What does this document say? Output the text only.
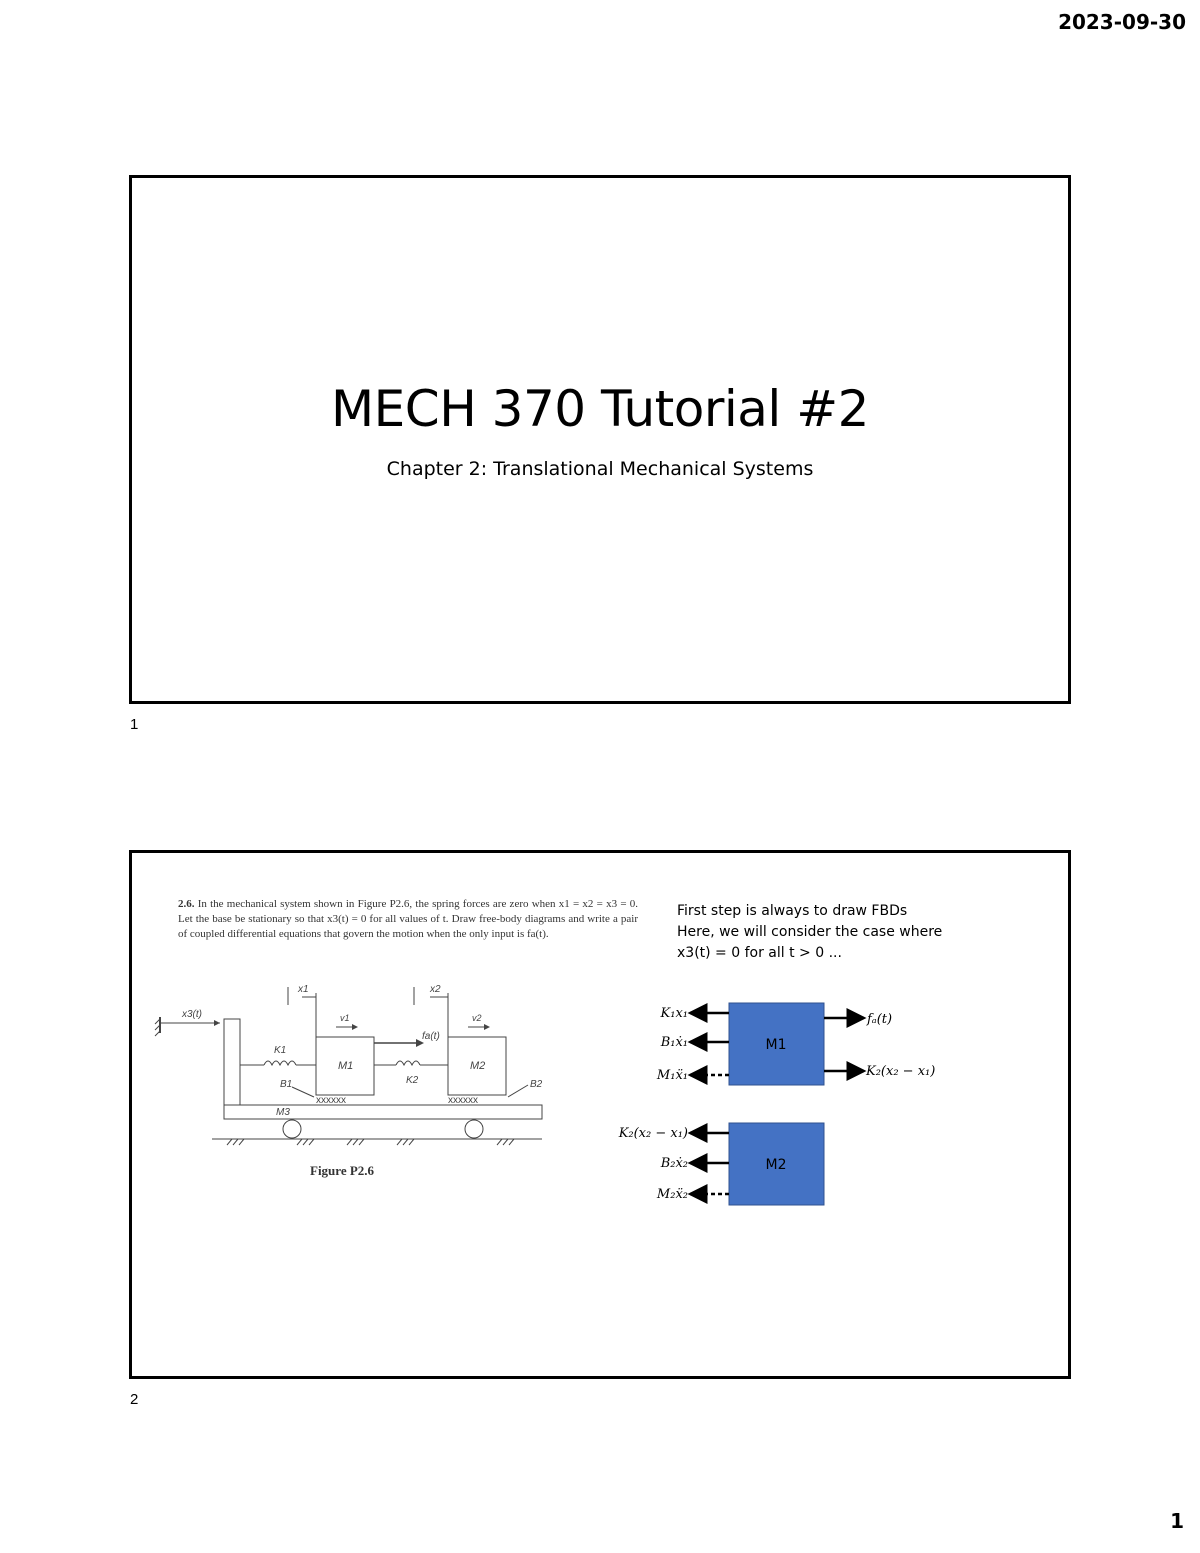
2023-09-30
MECH 370 Tutorial #2
Chapter 2: Translational Mechanical Systems
1
2.6. In the mechanical system shown in Figure P2.6, the spring forces are zero when x1 = x2 = x3 = 0. Let the base be stationary so that x3(t) = 0 for all values of t. Draw free-body diagrams and write a pair of coupled differential equations that govern the motion when the only input is fa(t).
x3(t)
M3
M1	M2
K1
K2
fa(t)
xxxxxx	xxxxxx
B1	B2
x1
v1
x2
v2
Figure P2.6
First step is always to draw FBDs
Here, we will consider the case where
x3(t) = 0 for all t > 0 ...
M1
K₁x₁
B₁ẋ₁
M₁ẍ₁
fₐ(t)
K₂(x₂ − x₁)
M2
K₂(x₂ − x₁)
B₂ẋ₂
M₂ẍ₂
2
1
